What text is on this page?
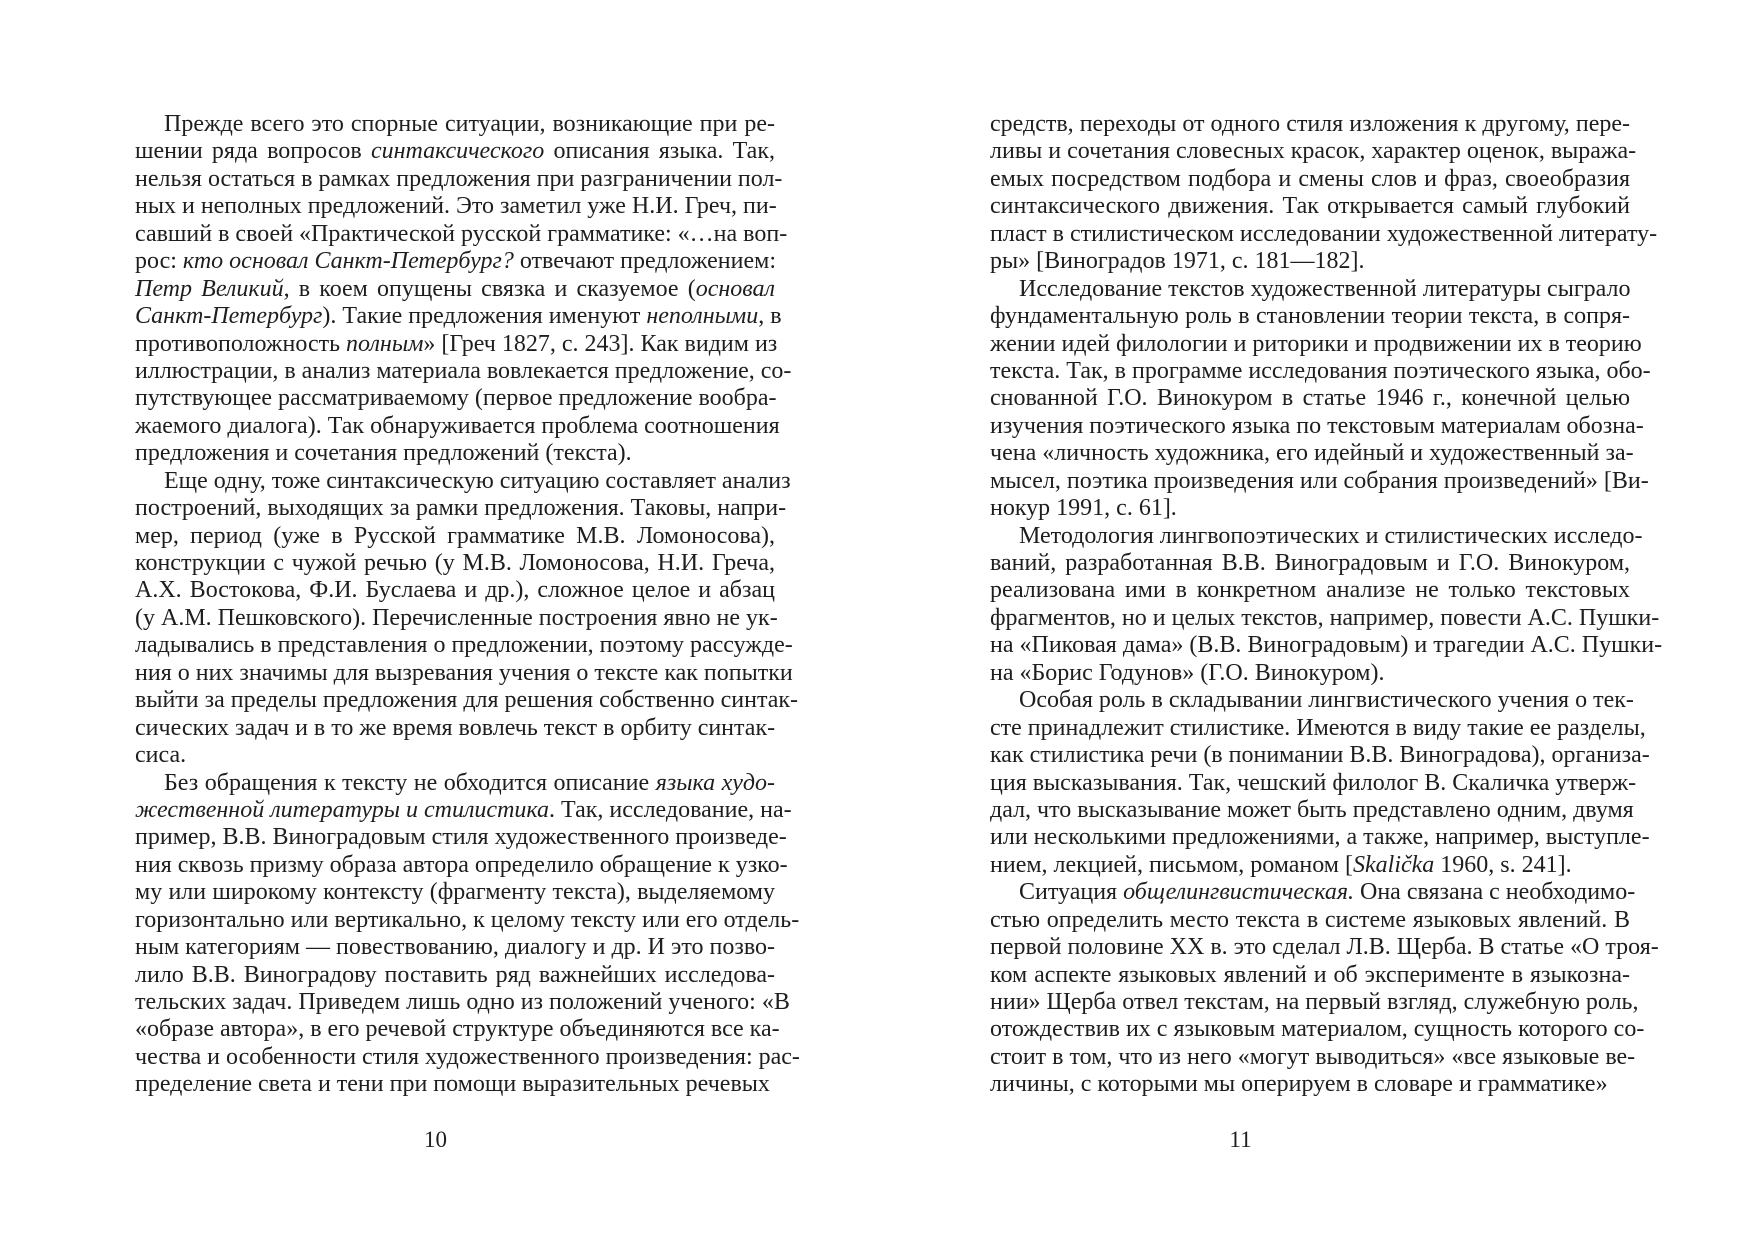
Прежде всего это спорные ситуации, возникающие при ре-
шении ряда вопросов синтаксического описания языка. Так,
нельзя остаться в рамках предложения при разграничении пол-
ных и неполных предложений. Это заметил уже Н.И. Греч, пи-
савший в своей «Практической русской грамматике: «…на воп-
рос: кто основал Санкт-Петербург? отвечают предложением:
Петр Великий, в коем опущены связка и сказуемое (основал
Санкт-Петербург). Такие предложения именуют неполными, в
противоположность полным» [Греч 1827, с. 243]. Как видим из
иллюстрации, в анализ материала вовлекается предложение, со-
путствующее рассматриваемому (первое предложение вообра-
жаемого диалога). Так обнаруживается проблема соотношения
предложения и сочетания предложений (текста).
Еще одну, тоже синтаксическую ситуацию составляет анализ
построений, выходящих за рамки предложения. Таковы, напри-
мер, период (уже в Русской грамматике М.В. Ломоносова),
конструкции с чужой речью (у М.В. Ломоносова, Н.И. Греча,
А.Х. Востокова, Ф.И. Буслаева и др.), сложное целое и абзац
(у А.М. Пешковского). Перечисленные построения явно не ук-
ладывались в представления о предложении, поэтому рассужде-
ния о них значимы для вызревания учения о тексте как попытки
выйти за пределы предложения для решения собственно синтак-
сических задач и в то же время вовлечь текст в орбиту синтак-
сиса.
Без обращения к тексту не обходится описание языка худо-
жественной литературы и стилистика. Так, исследование, на-
пример, В.В. Виноградовым стиля художественного произведе-
ния сквозь призму образа автора определило обращение к узко-
му или широкому контексту (фрагменту текста), выделяемому
горизонтально или вертикально, к целому тексту или его отдель-
ным категориям — повествованию, диалогу и др. И это позво-
лило В.В. Виноградову поставить ряд важнейших исследова-
тельских задач. Приведем лишь одно из положений ученого: «В
«образе автора», в его речевой структуре объединяются все ка-
чества и особенности стиля художественного произведения: рас-
пределение света и тени при помощи выразительных речевых
10
средств, переходы от одного стиля изложения к другому, пере-
ливы и сочетания словесных красок, характер оценок, выража-
емых посредством подбора и смены слов и фраз, своеобразия
синтаксического движения. Так открывается самый глубокий
пласт в стилистическом исследовании художественной литерату-
ры» [Виноградов 1971, с. 181—182].
Исследование текстов художественной литературы сыграло
фундаментальную роль в становлении теории текста, в сопря-
жении идей филологии и риторики и продвижении их в теорию
текста. Так, в программе исследования поэтического языка, обо-
снованной Г.О. Винокуром в статье 1946 г., конечной целью
изучения поэтического языка по текстовым материалам обозна-
чена «личность художника, его идейный и художественный за-
мысел, поэтика произведения или собрания произведений» [Ви-
нокур 1991, с. 61].
Методология лингвопоэтических и стилистических исследо-
ваний, разработанная В.В. Виноградовым и Г.О. Винокуром,
реализована ими в конкретном анализе не только текстовых
фрагментов, но и целых текстов, например, повести А.С. Пушки-
на «Пиковая дама» (В.В. Виноградовым) и трагедии А.С. Пушки-
на «Борис Годунов» (Г.О. Винокуром).
Особая роль в складывании лингвистического учения о тек-
сте принадлежит стилистике. Имеются в виду такие ее разделы,
как стилистика речи (в понимании В.В. Виноградова), организа-
ция высказывания. Так, чешский филолог В. Скаличка утверж-
дал, что высказывание может быть представлено одним, двумя
или несколькими предложениями, а также, например, выступле-
нием, лекцией, письмом, романом [Skalička 1960, s. 241].
Ситуация общелингвистическая. Она связана с необходимо-
стью определить место текста в системе языковых явлений. В
первой половине XX в. это сделал Л.В. Щерба. В статье «О троя-
ком аспекте языковых явлений и об эксперименте в языкозна-
нии» Щерба отвел текстам, на первый взгляд, служебную роль,
отождествив их с языковым материалом, сущность которого со-
стоит в том, что из него «могут выводиться» «все языковые ве-
личины, с которыми мы оперируем в словаре и грамматике»
11
